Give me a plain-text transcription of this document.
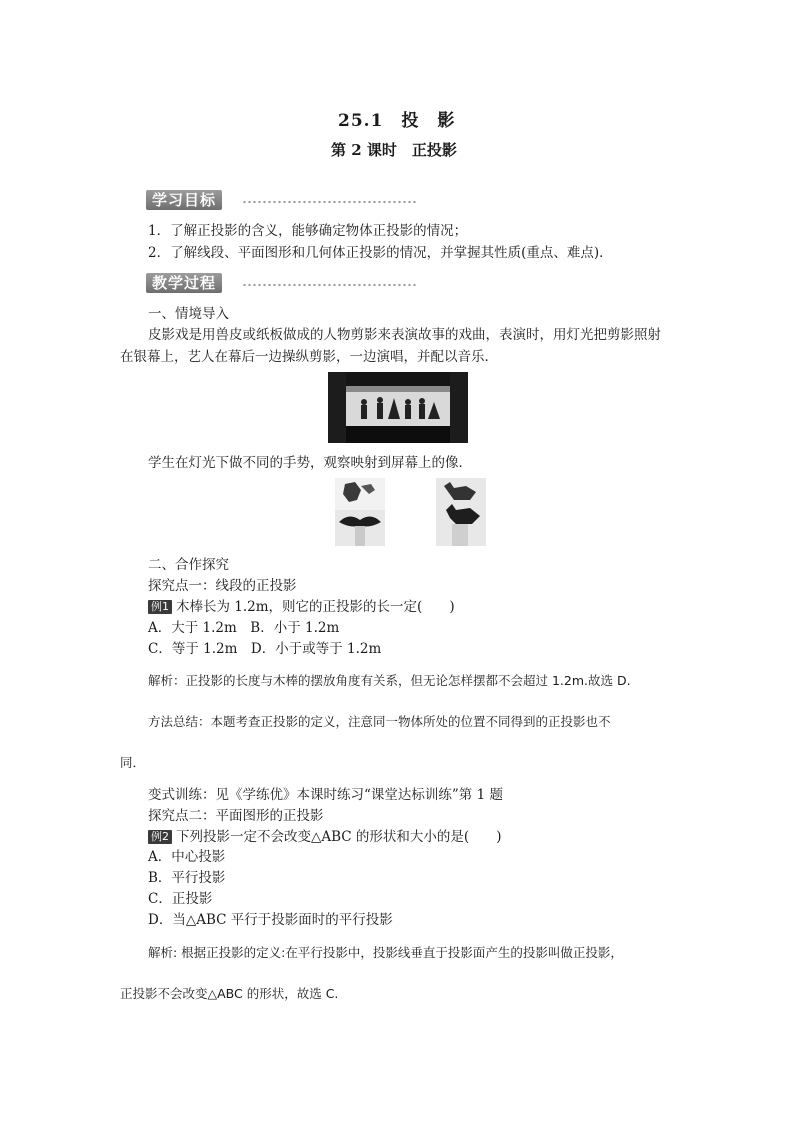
25.1　投　影
第 2 课时　正投影
学习目标
1．了解正投影的含义，能够确定物体正投影的情况；
2．了解线段、平面图形和几何体正投影的情况，并掌握其性质(重点、难点)．
教学过程
一、情境导入
皮影戏是用兽皮或纸板做成的人物剪影来表演故事的戏曲，表演时，用灯光把剪影照射
在银幕上，艺人在幕后一边操纵剪影，一边演唱，并配以音乐．
学生在灯光下做不同的手势，观察映射到屏幕上的像．
二、合作探究
探究点一：线段的正投影
例1 木棒长为 1.2m，则它的正投影的长一定(　　)
A．大于 1.2m　B．小于 1.2m
C．等于 1.2m　D．小于或等于 1.2m
解析：正投影的长度与木棒的摆放角度有关系，但无论怎样摆都不会超过 1.2m.故选 D.
方法总结：本题考查正投影的定义，注意同一物体所处的位置不同得到的正投影也不
同．
变式训练：见《学练优》本课时练习“课堂达标训练”第 1 题
探究点二：平面图形的正投影
例2 下列投影一定不会改变△ABC 的形状和大小的是(　　)
A．中心投影
B．平行投影
C．正投影
D．当△ABC 平行于投影面时的平行投影
解析: 根据正投影的定义:在平行投影中，投影线垂直于投影面产生的投影叫做正投影，
正投影不会改变△ABC 的形状，故选 C.
